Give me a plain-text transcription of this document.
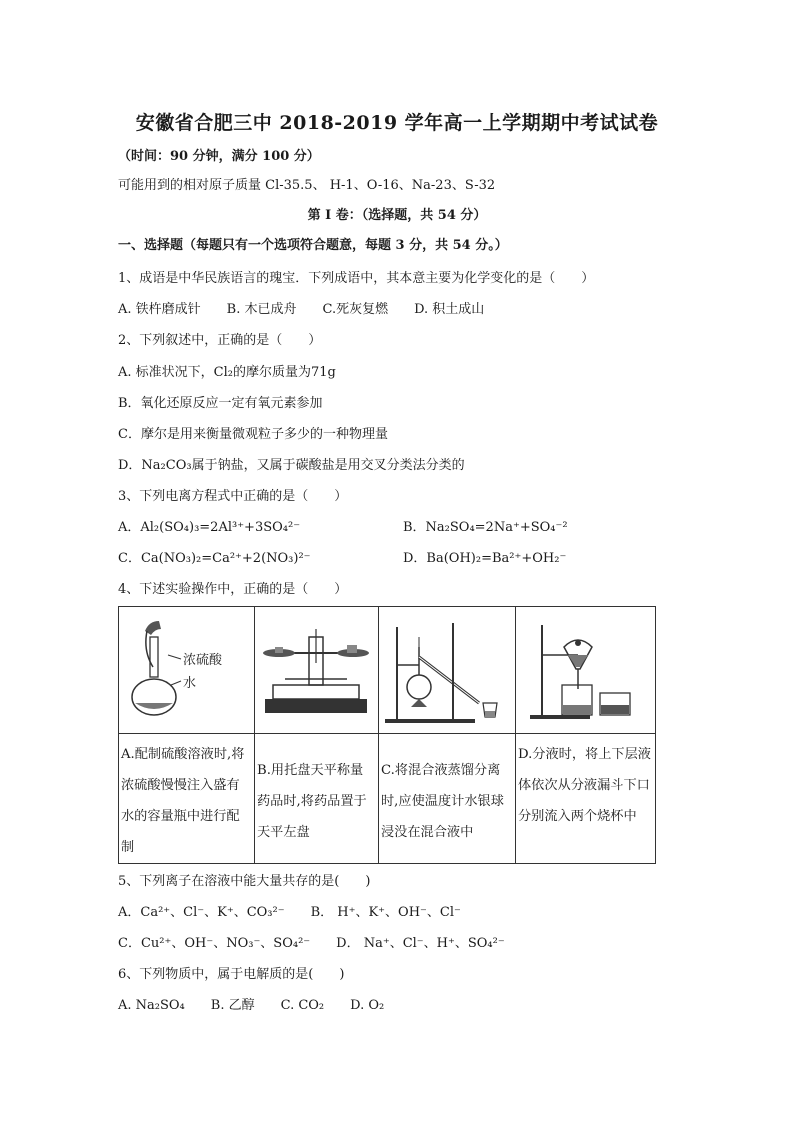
安徽省合肥三中 2018-2019 学年高一上学期期中考试试卷
（时间：90 分钟，满分 100 分）
可能用到的相对原子质量 Cl-35.5、 H-1、O-16、Na-23、S-32
第 I 卷：（选择题，共 54 分）
一、选择题（每题只有一个选项符合题意，每题 3 分，共 54 分。）
1、成语是中华民族语言的瑰宝．下列成语中，其本意主要为化学变化的是（　　）
A. 铁杵磨成针　　B. 木已成舟　　C.死灰复燃　　D. 积土成山
2、下列叙述中，正确的是（　　）
A. 标准状况下，Cl₂的摩尔质量为71g
B．氧化还原反应一定有氧元素参加
C．摩尔是用来衡量微观粒子多少的一种物理量
D．Na₂CO₃属于钠盐，又属于碳酸盐是用交叉分类法分类的
3、下列电离方程式中正确的是（　　）
A．Al₂(SO₄)₃=2Al³⁺+3SO₄²⁻	B．Na₂SO₄=2Na⁺+SO₄⁻²
C．Ca(NO₃)₂=Ca²⁺+2(NO₃)²⁻	D．Ba(OH)₂=Ba²⁺+OH₂⁻
4、下述实验操作中，正确的是（　　）
浓硫酸
水
A.配制硫酸溶液时,将浓硫酸慢慢注入盛有水的容量瓶中进行配制
B.用托盘天平称量药品时,将药品置于天平左盘
C.将混合液蒸馏分离时,应使温度计水银球浸没在混合液中
D.分液时，将上下层液体依次从分液漏斗下口分别流入两个烧杯中
5、下列离子在溶液中能大量共存的是(　　)
A．Ca²⁺、Cl⁻、K⁺、CO₃²⁻　　B． H⁺、K⁺、OH⁻、Cl⁻
C．Cu²⁺、OH⁻、NO₃⁻、SO₄²⁻　　D． Na⁺、Cl⁻、H⁺、SO₄²⁻
6、下列物质中，属于电解质的是(　　)
A. Na₂SO₄　　B. 乙醇　　C. CO₂　　D. O₂
